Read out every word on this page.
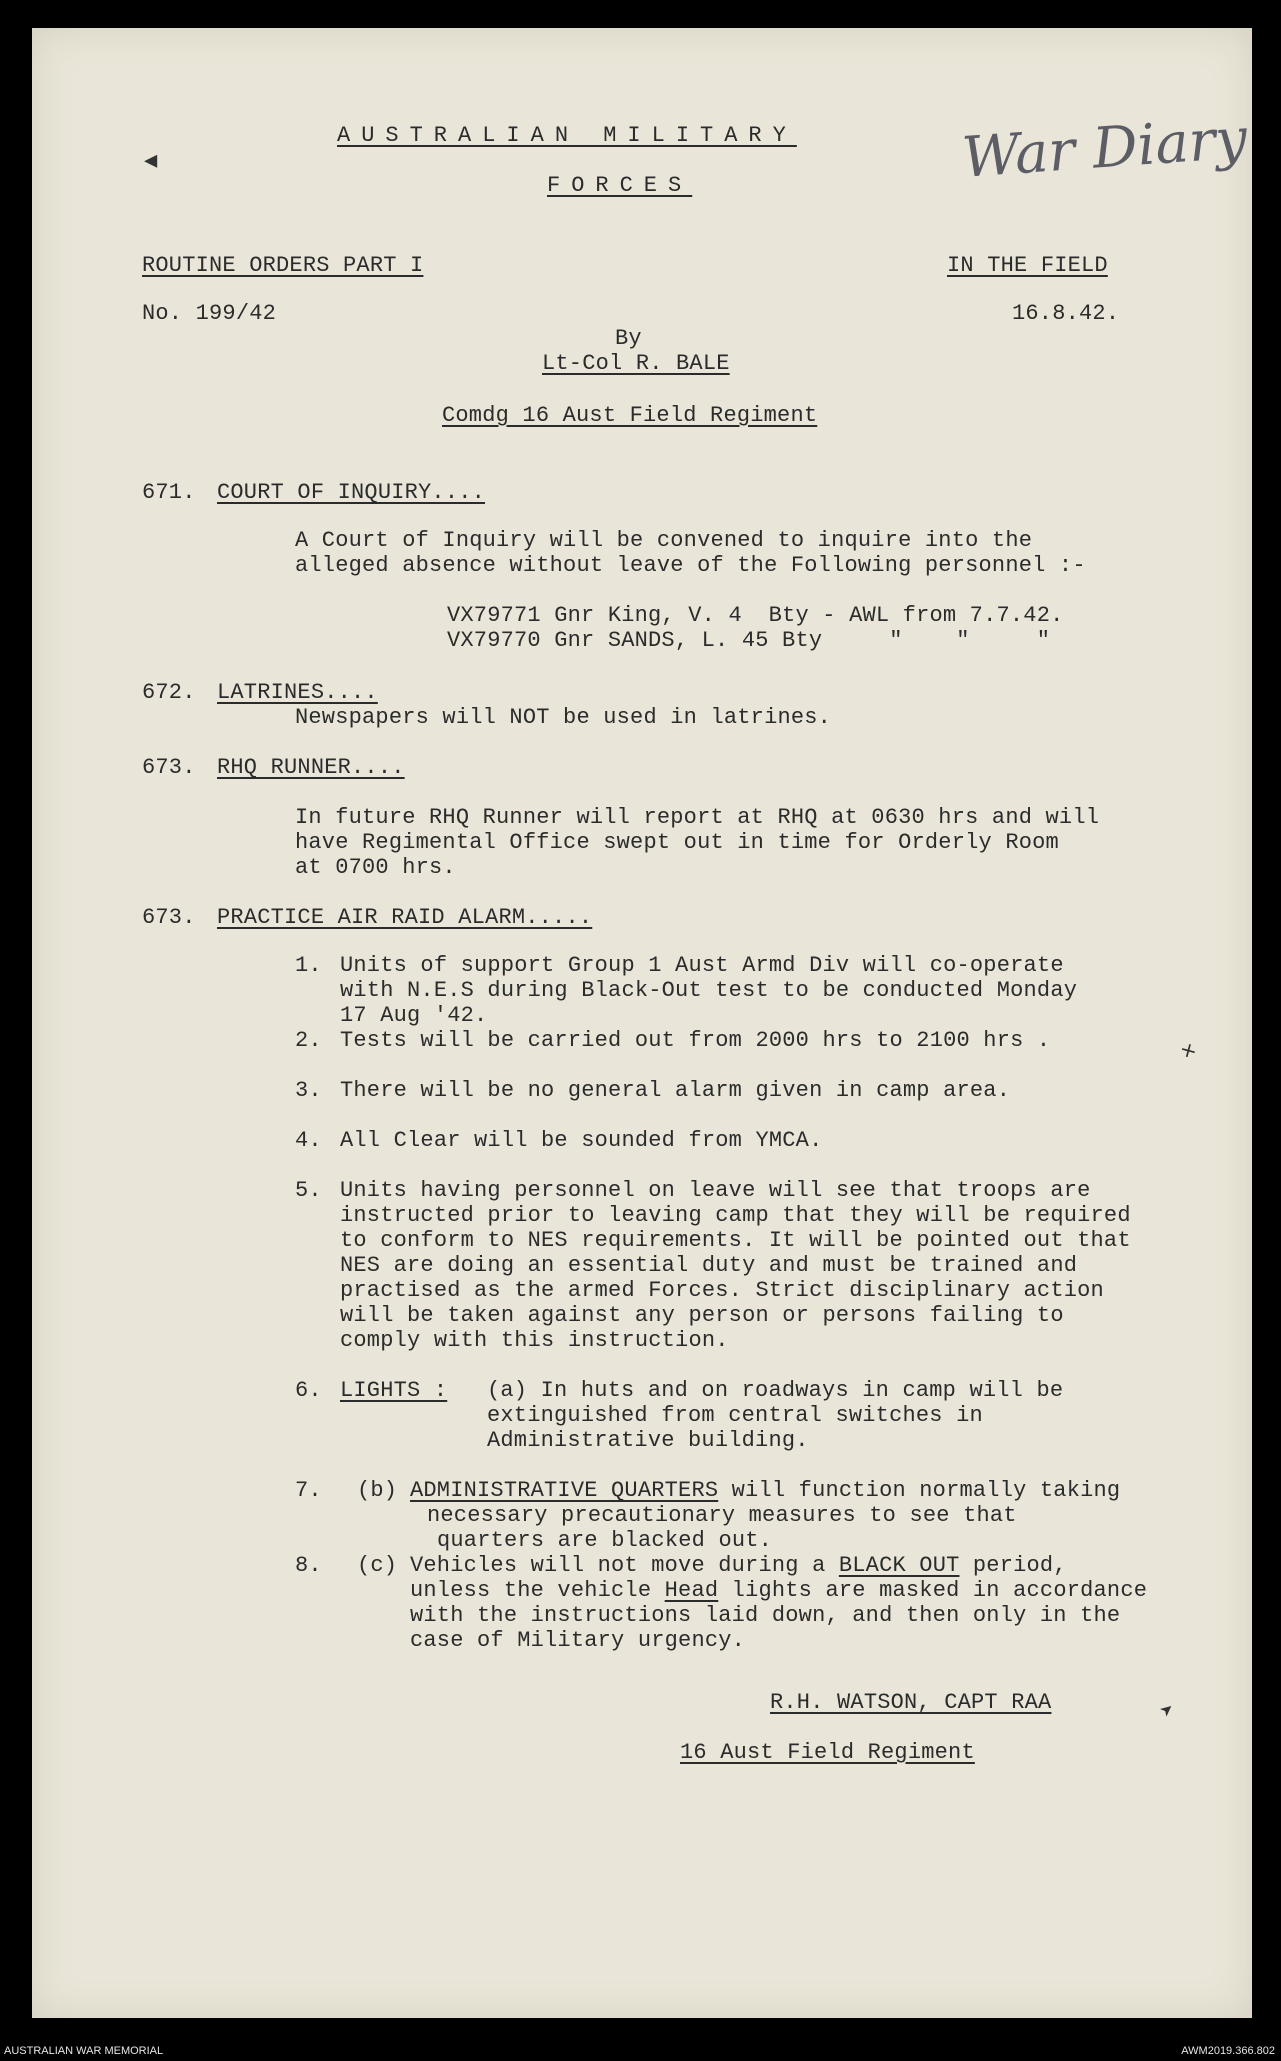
AUSTRALIAN MILITARY
FORCES	War Diary
ROUTINE ORDERS PART I	IN THE FIELD
No. 199/42	16.8.42.
By
Lt-Col R. BALE
Comdg 16 Aust Field Regiment
671. COURT OF INQUIRY....
A Court of Inquiry will be convened to inquire into the
alleged absence without leave of the Following personnel :-
VX79771 Gnr King, V. 4  Bty - AWL from 7.7.42.
VX79770 Gnr SANDS, L. 45 Bty     "    "     "
672. LATRINES....
Newspapers will NOT be used in latrines.
673. RHQ RUNNER....
In future RHQ Runner will report at RHQ at 0630 hrs and will
have Regimental Office swept out in time for Orderly Room
at 0700 hrs.
673. PRACTICE AIR RAID ALARM.....
1. Units of support Group 1 Aust Armd Div will co-operate
with N.E.S during Black-Out test to be conducted Monday
17 Aug '42.
2. Tests will be carried out from 2000 hrs to 2100 hrs .
3. There will be no general alarm given in camp area.
4. All Clear will be sounded from YMCA.
5. Units having personnel on leave will see that troops are
instructed prior to leaving camp that they will be required
to conform to NES requirements. It will be pointed out that
NES are doing an essential duty and must be trained and
practised as the armed Forces. Strict disciplinary action
will be taken against any person or persons failing to
comply with this instruction.
6. LIGHTS : (a) In huts and on roadways in camp will be
extinguished from central switches in
Administrative building.
7. (b) ADMINISTRATIVE QUARTERS will function normally taking
necessary precautionary measures to see that
quarters are blacked out.
8. (c) Vehicles will not move during a BLACK OUT period,
unless the vehicle Head lights are masked in accordance
with the instructions laid down, and then only in the
case of Military urgency.
R.H. WATSON, CAPT RAA
16 Aust Field Regiment
◀
✕
➤
AUSTRALIAN WAR MEMORIAL	AWM2019.366.802
